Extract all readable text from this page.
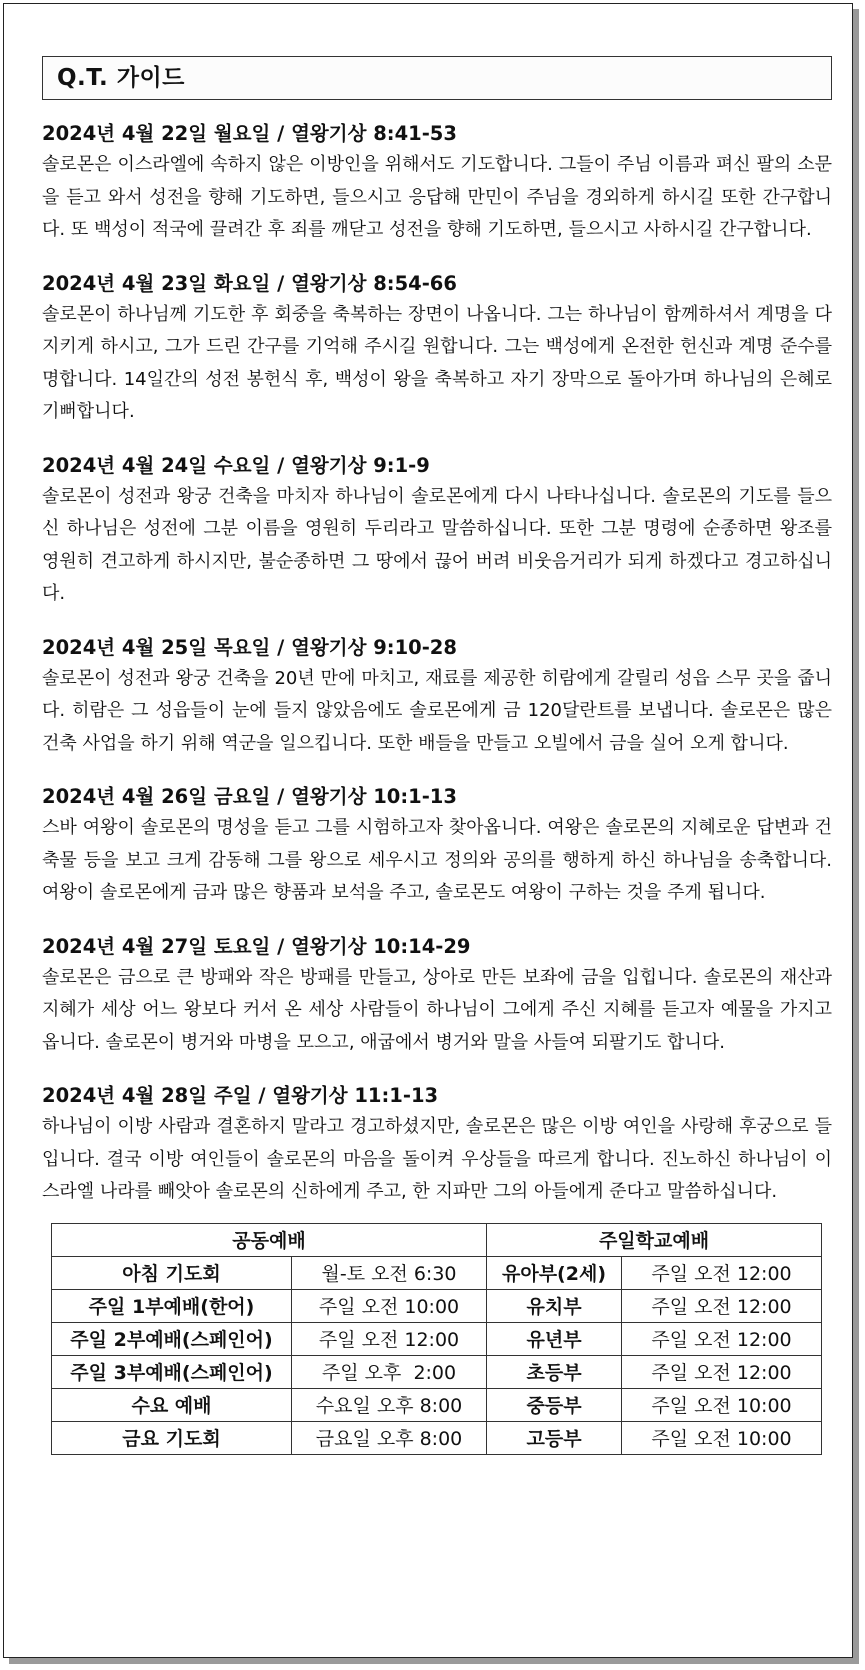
Q.T. 가이드
2024년 4월 22일 월요일 / 열왕기상 8:41-53
솔로몬은 이스라엘에 속하지 않은 이방인을 위해서도 기도합니다. 그들이 주님 이름과 펴신 팔의 소문을 듣고 와서 성전을 향해 기도하면, 들으시고 응답해 만민이 주님을 경외하게 하시길 또한 간구합니다. 또 백성이 적국에 끌려간 후 죄를 깨닫고 성전을 향해 기도하면, 들으시고 사하시길 간구합니다.
2024년 4월 23일 화요일 / 열왕기상 8:54-66
솔로몬이 하나님께 기도한 후 회중을 축복하는 장면이 나옵니다. 그는 하나님이 함께하셔서 계명을 다 지키게 하시고, 그가 드린 간구를 기억해 주시길 원합니다. 그는 백성에게 온전한 헌신과 계명 준수를 명합니다. 14일간의 성전 봉헌식 후, 백성이 왕을 축복하고 자기 장막으로 돌아가며 하나님의 은혜로 기뻐합니다.
2024년 4월 24일 수요일 / 열왕기상 9:1-9
솔로몬이 성전과 왕궁 건축을 마치자 하나님이 솔로몬에게 다시 나타나십니다. 솔로몬의 기도를 들으신 하나님은 성전에 그분 이름을 영원히 두리라고 말씀하십니다. 또한 그분 명령에 순종하면 왕조를 영원히 견고하게 하시지만, 불순종하면 그 땅에서 끊어 버려 비웃음거리가 되게 하겠다고 경고하십니다.
2024년 4월 25일 목요일 / 열왕기상 9:10-28
솔로몬이 성전과 왕궁 건축을 20년 만에 마치고, 재료를 제공한 히람에게 갈릴리 성읍 스무 곳을 줍니다. 히람은 그 성읍들이 눈에 들지 않았음에도 솔로몬에게 금 120달란트를 보냅니다. 솔로몬은 많은 건축 사업을 하기 위해 역군을 일으킵니다. 또한 배들을 만들고 오빌에서 금을 실어 오게 합니다.
2024년 4월 26일 금요일 / 열왕기상 10:1-13
스바 여왕이 솔로몬의 명성을 듣고 그를 시험하고자 찾아옵니다. 여왕은 솔로몬의 지혜로운 답변과 건축물 등을 보고 크게 감동해 그를 왕으로 세우시고 정의와 공의를 행하게 하신 하나님을 송축합니다. 여왕이 솔로몬에게 금과 많은 향품과 보석을 주고, 솔로몬도 여왕이 구하는 것을 주게 됩니다.
2024년 4월 27일 토요일 / 열왕기상 10:14-29
솔로몬은 금으로 큰 방패와 작은 방패를 만들고, 상아로 만든 보좌에 금을 입힙니다. 솔로몬의 재산과 지혜가 세상 어느 왕보다 커서 온 세상 사람들이 하나님이 그에게 주신 지혜를 듣고자 예물을 가지고 옵니다. 솔로몬이 병거와 마병을 모으고, 애굽에서 병거와 말을 사들여 되팔기도 합니다.
2024년 4월 28일 주일 / 열왕기상 11:1-13
하나님이 이방 사람과 결혼하지 말라고 경고하셨지만, 솔로몬은 많은 이방 여인을 사랑해 후궁으로 들입니다. 결국 이방 여인들이 솔로몬의 마음을 돌이켜 우상들을 따르게 합니다. 진노하신 하나님이 이스라엘 나라를 빼앗아 솔로몬의 신하에게 주고, 한 지파만 그의 아들에게 준다고 말씀하십니다.
공동예배		주일학교예배	
아침 기도회	월-토 오전 6:30	유아부(2세)	주일 오전 12:00
주일 1부예배(한어)	주일 오전 10:00	유치부	주일 오전 12:00
주일 2부예배(스페인어)	주일 오전 12:00	유년부	주일 오전 12:00
주일 3부예배(스페인어)	주일 오후  2:00	초등부	주일 오전 12:00
수요 예배	수요일 오후 8:00	중등부	주일 오전 10:00
금요 기도회	금요일 오후 8:00	고등부	주일 오전 10:00
